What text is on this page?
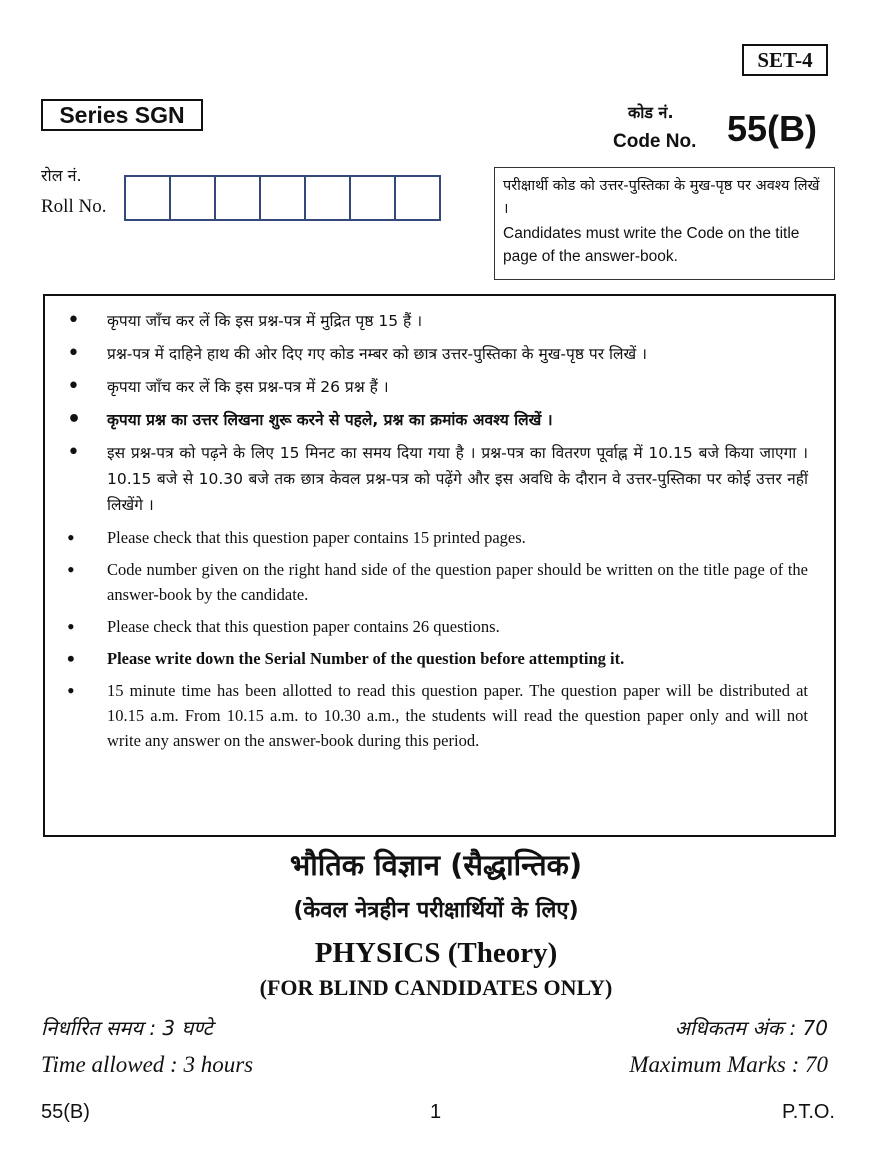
SET-4
Series SGN	कोड नं.
Code No. 55(B)
रोल नं.
Roll No.
परीक्षार्थी कोड को उत्तर-पुस्तिका के मुख-पृष्ठ पर अवश्य लिखें ।
Candidates must write the Code on the title page of the answer-book.
• कृपया जाँच कर लें कि इस प्रश्न-पत्र में मुद्रित पृष्ठ 15 हैं ।
• प्रश्न-पत्र में दाहिने हाथ की ओर दिए गए कोड नम्बर को छात्र उत्तर-पुस्तिका के मुख-पृष्ठ पर लिखें ।
• कृपया जाँच कर लें कि इस प्रश्न-पत्र में 26 प्रश्न हैं ।
• कृपया प्रश्न का उत्तर लिखना शुरू करने से पहले, प्रश्न का क्रमांक अवश्य लिखें ।
• इस प्रश्न-पत्र को पढ़ने के लिए 15 मिनट का समय दिया गया है । प्रश्न-पत्र का वितरण पूर्वाह्न में 10.15 बजे किया जाएगा । 10.15 बजे से 10.30 बजे तक छात्र केवल प्रश्न-पत्र को पढ़ेंगे और इस अवधि के दौरान वे उत्तर-पुस्तिका पर कोई उत्तर नहीं लिखेंगे ।
• Please check that this question paper contains 15 printed pages.
• Code number given on the right hand side of the question paper should be written on the title page of the answer-book by the candidate.
• Please check that this question paper contains 26 questions.
• Please write down the Serial Number of the question before attempting it.
• 15 minute time has been allotted to read this question paper. The question paper will be distributed at 10.15 a.m. From 10.15 a.m. to 10.30 a.m., the students will read the question paper only and will not write any answer on the answer-book during this period.
भौतिक विज्ञान (सैद्धान्तिक)
(केवल नेत्रहीन परीक्षार्थियों के लिए)
PHYSICS (Theory)
(FOR BLIND CANDIDATES ONLY)
निर्धारित समय : 3 घण्टे	अधिकतम अंक : 70
Time allowed : 3 hours	Maximum Marks : 70
55(B)	1	P.T.O.
